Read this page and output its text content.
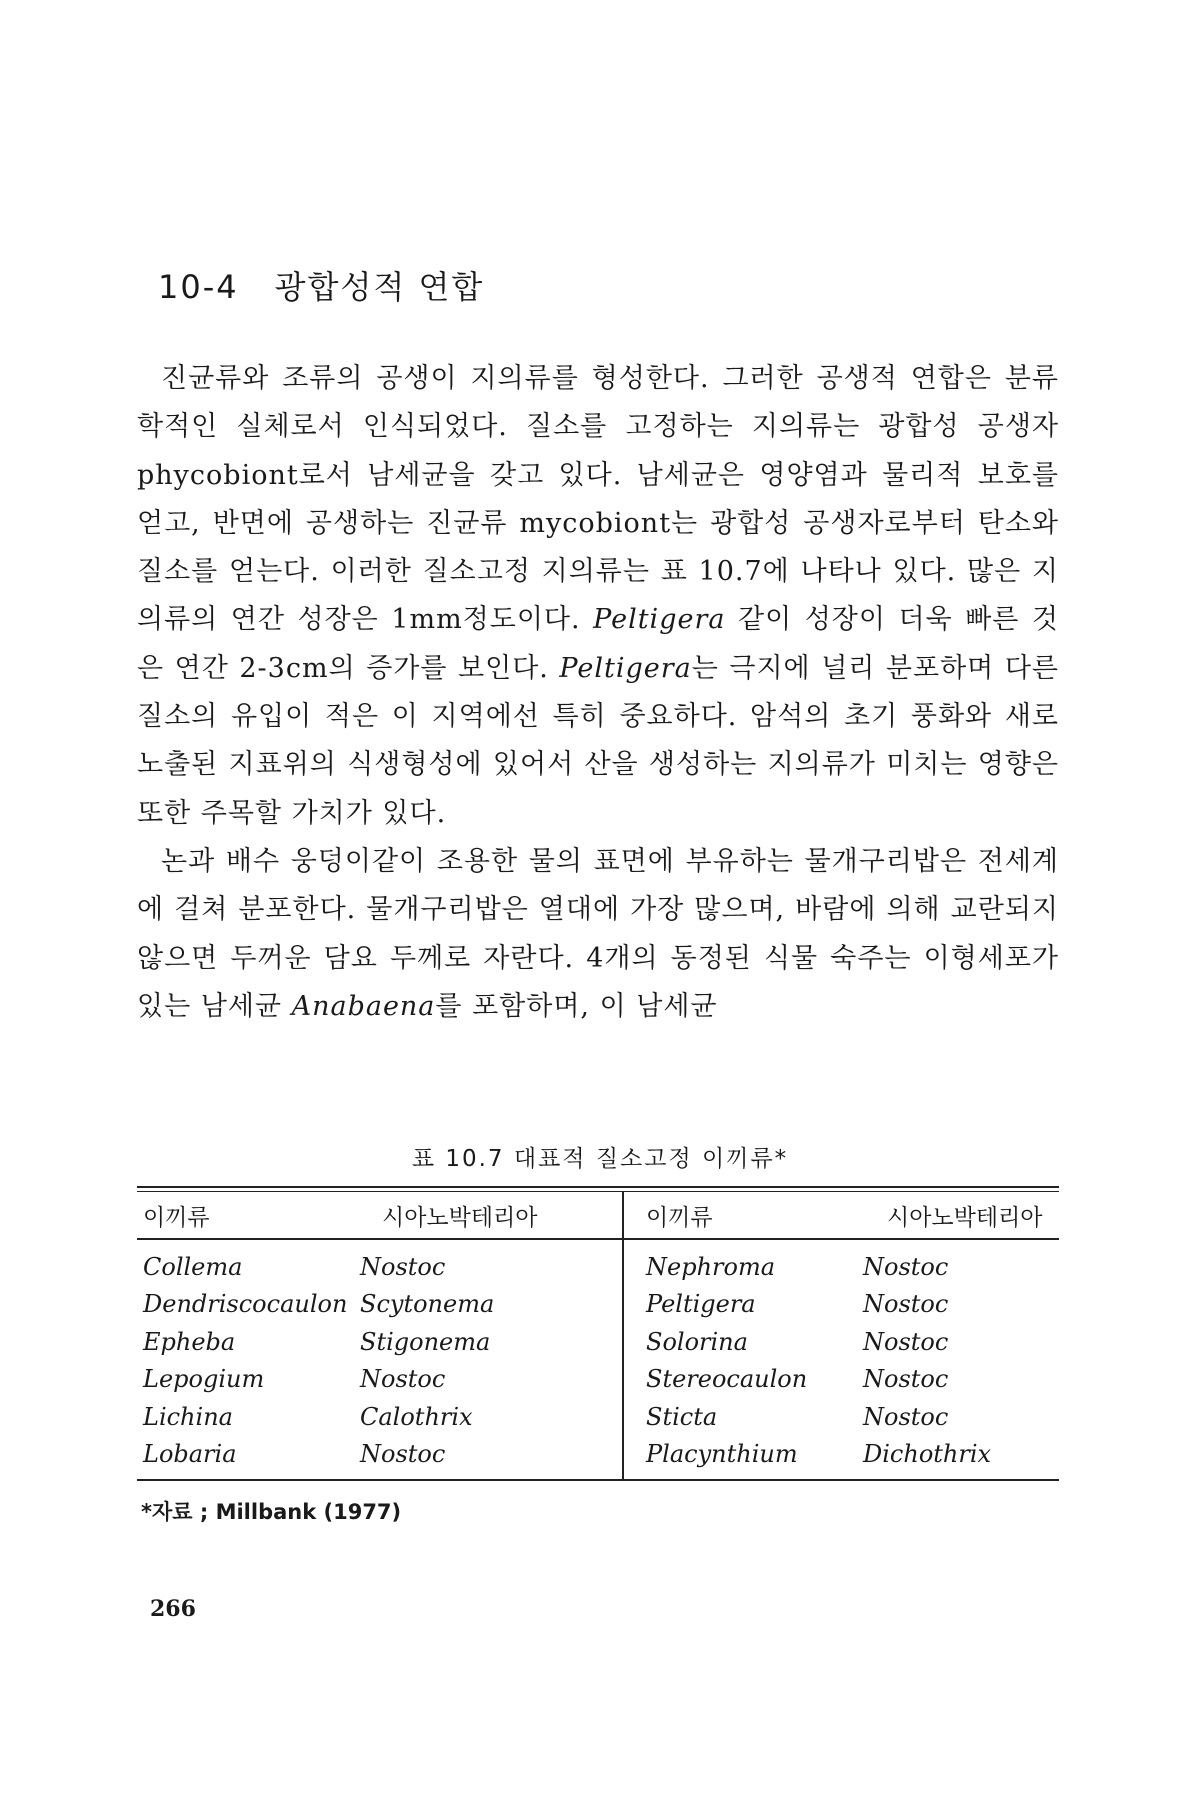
10-4 광합성적 연합

진균류와 조류의 공생이 지의류를 형성한다. 그러한 공생적 연합은 분류학적인 실체로서 인식되었다. 질소를 고정하는 지의류는 광합성 공생자 phycobiont로서 남세균을 갖고 있다. 남세균은 영양염과 물리적 보호를 얻고, 반면에 공생하는 진균류 mycobiont는 광합성 공생자로부터 탄소와 질소를 얻는다. 이러한 질소고정 지의류는 표 10.7에 나타나 있다. 많은 지의류의 연간 성장은 1mm정도이다. Peltigera 같이 성장이 더욱 빠른 것은 연간 2-3cm의 증가를 보인다. Peltigera는 극지에 널리 분포하며 다른 질소의 유입이 적은 이 지역에선 특히 중요하다. 암석의 초기 풍화와 새로 노출된 지표위의 식생형성에 있어서 산을 생성하는 지의류가 미치는 영향은 또한 주목할 가치가 있다.

논과 배수 웅덩이같이 조용한 물의 표면에 부유하는 물개구리밥은 전세계에 걸쳐 분포한다. 물개구리밥은 열대에 가장 많으며, 바람에 의해 교란되지 않으면 두꺼운 담요 두께로 자란다. 4개의 동정된 식물 숙주는 이형세포가 있는 남세균 Anabaena를 포함하며, 이 남세균

표 10.7 대표적 질소고정 이끼류*
이끼류	시아노박테리아	이끼류	시아노박테리아
Collema	Nostoc	Nephroma	Nostoc
Dendriscocaulon	Scytonema	Peltigera	Nostoc
Epheba	Stigonema	Solorina	Nostoc
Lepogium	Nostoc	Stereocaulon	Nostoc
Lichina	Calothrix	Sticta	Nostoc
Lobaria	Nostoc	Placynthium	Dichothrix
*자료 ; Millbank (1977)
266
